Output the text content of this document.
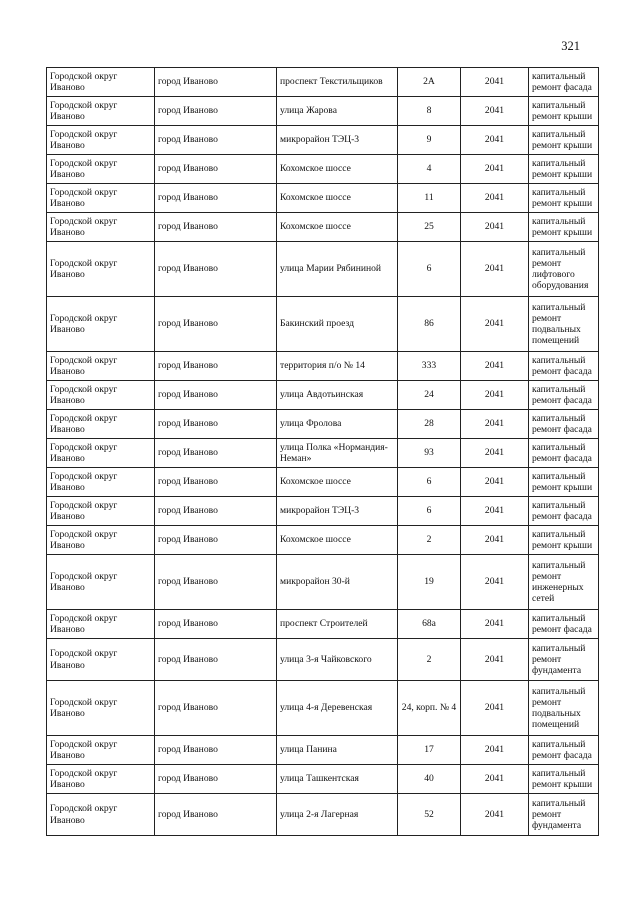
321
Городской округ Иваново	город Иваново	проспект Текстильщиков	2А	2041	капитальный ремонт фасада
Городской округ Иваново	город Иваново	улица Жарова	8	2041	капитальный ремонт крыши
Городской округ Иваново	город Иваново	микрорайон ТЭЦ-3	9	2041	капитальный ремонт крыши
Городской округ Иваново	город Иваново	Кохомское шоссе	4	2041	капитальный ремонт крыши
Городской округ Иваново	город Иваново	Кохомское шоссе	11	2041	капитальный ремонт крыши
Городской округ Иваново	город Иваново	Кохомское шоссе	25	2041	капитальный ремонт крыши
Городской округ Иваново	город Иваново	улица Марии Рябининой	6	2041	капитальный ремонт лифтового оборудования
Городской округ Иваново	город Иваново	Бакинский проезд	86	2041	капитальный ремонт подвальных помещений
Городской округ Иваново	город Иваново	территория п/о № 14	333	2041	капитальный ремонт фасада
Городской округ Иваново	город Иваново	улица Авдотьинская	24	2041	капитальный ремонт фасада
Городской округ Иваново	город Иваново	улица Фролова	28	2041	капитальный ремонт фасада
Городской округ Иваново	город Иваново	улица Полка «Нормандия-Неман»	93	2041	капитальный ремонт фасада
Городской округ Иваново	город Иваново	Кохомское шоссе	6	2041	капитальный ремонт крыши
Городской округ Иваново	город Иваново	микрорайон ТЭЦ-3	6	2041	капитальный ремонт фасада
Городской округ Иваново	город Иваново	Кохомское шоссе	2	2041	капитальный ремонт крыши
Городской округ Иваново	город Иваново	микрорайон 30-й	19	2041	капитальный ремонт инженерных сетей
Городской округ Иваново	город Иваново	проспект Строителей	68а	2041	капитальный ремонт фасада
Городской округ Иваново	город Иваново	улица 3-я Чайковского	2	2041	капитальный ремонт фундамента
Городской округ Иваново	город Иваново	улица 4-я Деревенская	24, корп. № 4	2041	капитальный ремонт подвальных помещений
Городской округ Иваново	город Иваново	улица Панина	17	2041	капитальный ремонт фасада
Городской округ Иваново	город Иваново	улица Ташкентская	40	2041	капитальный ремонт крыши
Городской округ Иваново	город Иваново	улица 2-я Лагерная	52	2041	капитальный ремонт фундамента
